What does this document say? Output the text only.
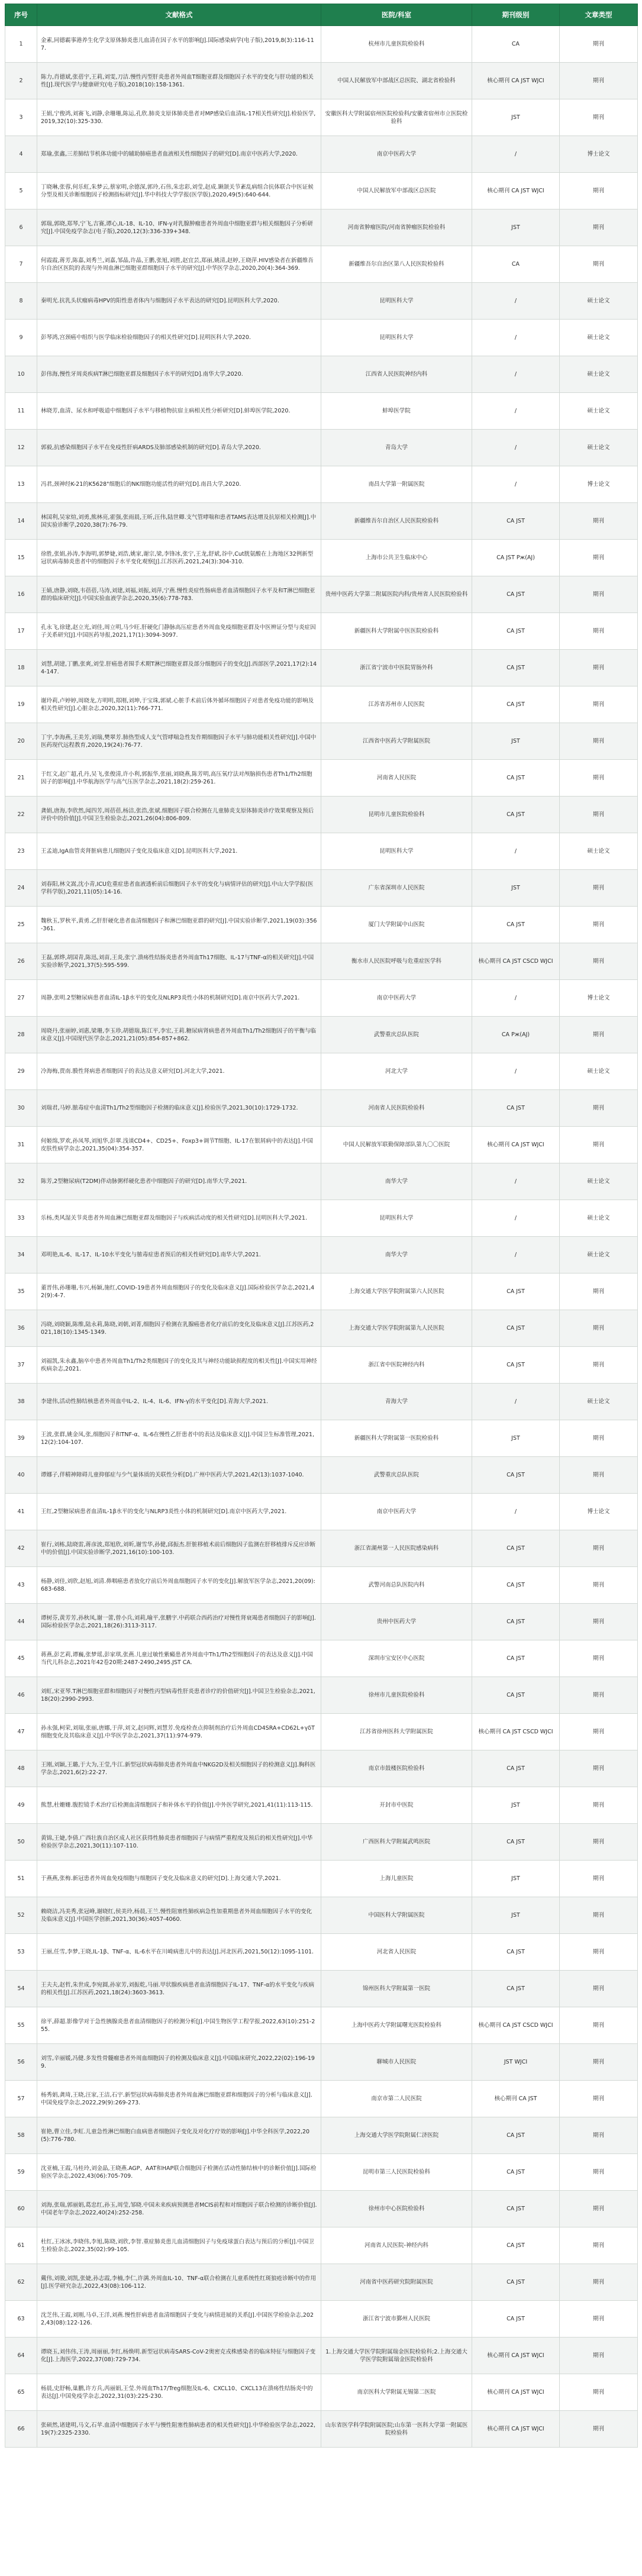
序号	文献格式	医院/科室	期刊级别	文章类型
1	金素,同德霸事港养生化学支原体肺炎患儿血清在因子水平的影响[J].国际感染病学(电子版),2019,8(3):116-117.	杭州市儿童医院检验科	CA	期刊
2	陈力,肖德斌,张蓓宇,王莉,刘雯,刀洁.慢性丙型肝炎患者外周血T细胞亚群及细胞因子水平的变化与肝功能的相关性[J].现代医学与健康研究(电子版),2018(10):158-1361.	中国人民解放军中部战区总医院、湖北省检验科	核心期刊 CA JST WJCI	期刊
3	王娟,宁俊鸿,刘赛飞,刘静,余珊珊,陈运,孔欣.肺炎支原体肺炎患者对MP感染后血清IL-17相关性研究[J].检验医学,2019,32(10):325-330.	安徽医科大学附属宿州医院检验科/安徽省宿州市立医院检验科	JST	期刊
4	郑瑜,张鑫,三差肺结节机体功能中的辅助肺癌患者血液相关性细胞因子的研究[D].南京中医药大学,2020.	南京中医药大学	/	博士论文
5	丁晓琳,张蓉,何乐虹,朱梦云,蔡家明,余德深,郭玲,石伟,朱忠彩,刘莹,赵成.颞颌关节紊乱病组合抗体联合中医证候分型及相关诊断细胞因子检测指标研究[J].华中科技大学学报(医学版),2020,49(5):640-644.	中国人民解放军中部战区总医院	核心期刊 CA JST WJCI	期刊
6	郭瑞,郭晓,郑琴,宁飞,吉赛,谭心,IL-18、IL-10、IFN-γ对乳腺肿瘤患者外周血中细胞亚群与相关细胞因子分析研究[J].中国免疫学杂志(电子版),2020,12(3):336-339+348.	河南省肿瘤医院/河南省肿瘤医院检验科	JST	期刊
7	何霞霞,蒋芳,陈嘉,刘秀兰,刘嘉,邹晶,许晶,王鹏,张旭,刘胜,赵宜芸,郑丽,姚清,赵婷,王晓萍.HIV感染者在新疆维吾尔自治区医院的表现与外周血淋巴细胞亚群细胞因子水平的研究[J].中华医学杂志,2020,20(4):364-369.	新疆维吾尔自治区第八人民医院检验科	CA	期刊
8	秦明光.抗乳头状瘤病毒HPV的阳性患者体内与细胞因子水平表达的研究[D].昆明医科大学,2020.	昆明医科大学	/	硕士论文
9	彭琴鸿,宫颈癌中组织与医学临床检验细胞因子的相关性研究[D].昆明医科大学,2020.	昆明医科大学	/	硕士论文
10	彭伟海,慢性牙周炎疾病T淋巴细胞亚群及细胞因子水平的研究[D].南华大学,2020.	江西省人民医院神经内科	/	硕士论文
11	林晓芳,血清、尿水和呼吸道中细胞因子水平与移植物抗宿主病相关性分析研究[D].蚌埠医学院,2020.	蚌埠医学院	/	硕士论文
12	郭毅,抗感染细胞因子水平在免疫性肝病ARDS及肺部感染机制的研究[D].青岛大学,2020.	青岛大学	/	硕士论文
13	冯君,颈神经K-21的K5628"细胞后的NK细胞功能活性的研究[D].南昌大学,2020.	南昌大学第一附属医院	/	博士论文
14	林国利,吴家煊,刘勇,熊林亮,霍强,张雨晨,王昕,汪伟,陆世卿.支气管哮喘和患者TAMS表达增及抗原相关检测[J].中国实验诊断学,2020,38(7):76-79.	新疆维吾尔自治区人民医院检验科	CA JST	期刊
15	徐胜,张娟,孙涛,李海明,郭梦婕,刘浩,姚家,谢宗,梁,李锋冰,张宁,王龙,舒斌,谷中,Cut胱氨酸在上海地区32例新型冠状病毒肺炎患者中的细胞因子水平变化观察[J].江苏医药,2021,24(3):304-310.	上海市公共卫生临床中心	CA JST Pж(AJ)	期刊
16	王婧,唐静,刘晓,韦蓓蓓,马涛,刘建,刘福,刘振,刘萍,宁燕.慢性炎症性肠病患者血清细胞因子水平及和T淋巴细胞亚群的临床研究[J].中国实验血液学杂志,2020,35(6):778-783.	贵州中医药大学第二附属医院内科/贵州省人民医院检验科	CA JST	期刊
17	孔永飞,徐建,赵立光,刘佳,周立明,马少旺.肝硬化门静脉高压症患者外周血免疫细胞亚群及中医辨证分型与炎症因子关系研究[J].中国医药导报,2021,17(1):3094-3097.	新疆医科大学附属中医医院检验科	CA JST	期刊
18	刘慧,胡建,丁鹏,张爽,刘莹.肝癌患者围手术期T淋巴细胞亚群及部分细胞因子的变化[J].西部医学,2021,17(2):144-147.	浙江省宁波市中医院胃肠外科	CA JST	期刊
19	谢玲莉,卢婷婷,周晓龙,方明明,郑刚,刘坤,于宝珠,郭斌.心脏手术前后体外循环细胞因子对患者免疫功能的影响及相关性研究[J].心脏杂志,2020,32(11):766-771.	江苏省苏州市人民医院	CA JST	期刊
20	丁宇,李海燕,王美芳,刘瑞,樊翠芳.肺热型成人支气管哮喘急性发作期细胞因子水平与肺功能相关性研究[J].中国中医药现代远程教育,2020,19(24):76-77.	江西省中医药大学附属医院	JST	期刊
21	于红文,赵广超,孔丹,吴飞,张俊清,许小利,郭振华,张丽,刘晓燕,陈芳明,高压氧疗法对颅脑损伤患者Th1/Th2细胞因子的影响[J].中华航海医学与高气压医学杂志,2021,18(2):259-261.	河南省人民医院	CA JST	期刊
22	龚娟,唐海,李欣然,闻四芳,周蓓蓓,杨洁,张浩,张斌.细胞因子联合检测在儿童肺炎支原体肺炎诊疗效果观察及预后评价中的价值[J].中国卫生检验杂志,2021,26(04):806-809.	昆明市儿童医院检验科	CA JST	期刊
23	王孟迪,IgA血管炎肾脏病患儿细胞因子变化及临床意义[D].昆明医科大学,2021.	昆明医科大学	/	硕士论文
24	刘春阳,林文嵩,沈小青,ICU危重症患者血液透析前后细胞因子水平的变化与病情评估的研究[J].中山大学学报(医学科学版),2021,11(05):14-16.	广东省深圳市人民医院	JST	期刊
25	魏秋玉,罗秋平,黄勇.乙肝肝硬化患者血清细胞因子和淋巴细胞亚群的研究[J].中国实验诊断学,2021,19(03):356-361.	厦门大学附属中山医院	CA JST	期刊
26	王磊,郭烨,胡国青,陈迅,刘苗,王炎,张宁.溃疡性结肠炎患者外周血Th17细胞、IL-17与TNF-α的相关研究[J].中国实验诊断学,2021,37(5):595-599.	衡水市人民医院呼吸与危重症医学科	核心期刊 CA JST CSCD WJCI	期刊
27	周静,张明.2型糖尿病患者血清IL-1β水平的变化及NLRP3炎性小体的机制研究[D].南京中医药大学,2021.	南京中医药大学	/	博士论文
28	周晓丹,张丽婷,刘惠,梁珊,李玉珍,胡德瑞,陈江平,李宏,王莉.糖尿病肾病患者外周血Th1/Th2细胞因子的平衡与临床意义[J].中国现代医学杂志,2021,21(05):854-857+862.	武警重庆总队医院	CA Pж(AJ)	期刊
29	冷海梅,贾南.膜性肾病患者细胞因子的表达及意义研究[D].河北大学,2021.	河北大学	/	硕士论文
30	刘瑞君,马婷.脓毒症中血清Th1/Th2型细胞因子检测的临床意义[J].检验医学,2021,30(10):1729-1732.	河南省人民医院检验科	CA JST	期刊
31	何姬绵,罗欢,孙凤琴,刘旭华,彭翠.浅谈CD4+、CD25+、Foxp3+调节T细胞、IL-17在银屑病中的表达[J].中国皮肤性病学杂志,2021,35(04):354-357.	中国人民解放军联勤保障部队第九〇〇医院	核心期刊 CA JST WJCI	期刊
32	陈芳,2型糖尿病(T2DM)伴动脉粥样硬化患者中细胞因子的研究[D].南华大学,2021.	南华大学	/	硕士论文
33	乐杨,类风湿关节炎患者外周血淋巴细胞亚群及细胞因子与疾病活动度的相关性研究[D].昆明医科大学,2021.	昆明医科大学	/	硕士论文
34	邓明艳,IL-6、IL-17、IL-10水平变化与脓毒症患者预后的相关性研究[D].南华大学,2021.	南华大学	/	硕士论文
35	董晋伟,孙珊珊,韦兴,杨颖,施红,COVID-19患者外周血细胞因子的变化及临床意义[J].国际检验医学杂志,2021,42(9):4-7.	上海交通大学医学院附属第六人民医院	CA JST	期刊
36	冯晓,刘晓颖,陈维,陆永莉,陈晓,刘朝,刘菁,细胞因子检测在乳腺癌患者化疗前后的变化及临床意义[J].江苏医药,2021,18(10):1345-1349.	上海交通大学医学院附属第九人民医院	CA JST	期刊
37	刘福凯,朱永鑫,脑卒中患者外周血Th1/Th2类细胞因子的变化及其与神经功能缺损程度的相关性[J].中国实用神经疾病杂志,2021.	浙江省中医院神经内科	CA JST	期刊
38	李建伟,活动性肺结核患者外周血中IL-2、IL-4、IL-6、IFN-γ的水平变化[D].青海大学,2021.	青海大学	/	硕士论文
39	王波,张群,姚金凤,张,细胞因子和TNF-α、IL-6在慢性乙肝患者中的表达及临床意义[J].中国卫生标准管理,2021,12(2):104-107.	新疆医科大学附属第一医院检验科	JST	期刊
40	谭娜子,伴精神障碍儿童抑郁症与少气量体质的关联性分析[D].广州中医药大学,2021,42(13):1037-1040.	武警重庆总队医院	CA JST	期刊
41	王红,2型糖尿病患者血清IL-1β水平的变化与NLRP3炎性小体的机制研究[D].南京中医药大学,2021.	南京中医药大学	/	博士论文
42	崔行,刘栋,陆晓雷,蒋彦波,郑旭欣,刘昕,谢雪华,孙健,邱振杰.肝脏移植术前后细胞因子监测在肝移植排斥反应诊断中的价值[J].中国实验诊断学,2021,16(10):100-103.	浙江省湖州第一人民医院感染病科	CA JST	期刊
43	杨静,刘佳,刘欣,赵旭,刘清.鼻咽癌患者放化疗前后外周血细胞因子水平的变化[J].解放军医学杂志,2021,20(09):683-688.	武警河南总队医院内科	CA JST	期刊
44	谭树芬,黄芳芳,孙秋凤,谢一蕾,曾小兵,刘莉,喻平,张鹏宇.中药联合西药治疗对慢性肾衰竭患者细胞因子的影响[J].国际检验医学杂志,2021,18(26):3113-3117.	贵州中医药大学	CA JST	期刊
45	蒋燕,彭艺莉,谭巍,张梦瑶,彭家琪,张燕.儿童过敏性紫癜患者外周血中Th1/Th2型细胞因子的表达及意义[J].中国当代儿科杂志,2021年42卷20期:2487-2490,2495.JST CA.	深圳市宝安区中心医院	CA JST	期刊
46	刘虹,宋亚琴.T淋巴细胞亚群和细胞因子对慢性丙型病毒性肝炎患者诊疗的价值研究[J].中国卫生检验杂志,2021,18(20):2990-2993.	徐州市儿童医院检验科	CA JST	期刊
47	孙永强,柯荣,刘瑞,张丽,唐娜,于萍,刘文,赵同辉,刘慧芳.免疫检查点抑制剂治疗后外周血CD4SRA+CD62L+γδT细胞变化及其临床意义[J].中华医学杂志,2021,37(11):974-979.	江苏省徐州医科大学附属医院	核心期刊 CA JST CSCD WJCI	期刊
48	王刚,刘颖,王璐,于大为,王莹,牛江.新型冠状病毒肺炎患者外周血中NKG2D及相关细胞因子的检测意义[J].胸科医学杂志,2021,6(2):22-27.	南京市鼓楼医院检验科	CA JST	期刊
49	熊慧,杜姗姗.腹腔镜手术治疗后检测血清细胞因子和补体水平的价值[J].中外医学研究,2021,41(11):113-115.	开封市中医院	JST	期刊
50	黄锦,王婕,李倩.广西壮族自治区成人社区获得性肺炎患者细胞因子与病情严重程度及预后的相关性研究[J].中华检验医学杂志,2021,30(11):107-110.	广西医科大学附属武鸣医院	CA JST	期刊
51	于燕燕,张梅.新冠患者外周血免疫细胞与细胞因子变化及临床意义的研究[D].上海交通大学,2021.	上海儿童医院	JST	期刊
52	赖晓洁,冯美秀,张冠峰,谢晓红,侯美玲,杨晨,王兰.慢性阻塞性肺疾病急性加重期患者外周血细胞因子水平的变化及临床意义[J].中国医学创新,2021,30(36):4057-4060.	中国医科大学附属医院	JST	期刊
53	王丽,任雪,李梦,王晓,IL-1β、TNF-α、IL-6水平在川崎病患儿中的表达[J].河北医药,2021,50(12):1095-1101.	河北省人民医院	CA JST	期刊
54	王夫夫,赵哲,朱世成,李宛圆,孙家芳,刘振乾,马丽.甲状腺疾病患者血清细胞因子IL-17、TNF-α的水平变化与疾病的相关性[J].江苏医药,2021,18(24):3603-3613.	锦州医科大学附属第一医院	CA JST	期刊
55	徐平,薛超.影像学对于急性胰腺炎患者血清细胞因子的检测分析[J].中国生物医学工程学报,2022,63(10):251-255.	上海中医药大学附属曙光医院检验科	核心期刊 CA JST CSCD WJCI	期刊
56	刘雪,辛丽媛,冯健.多发性骨髓瘤患者外周血细胞因子的检测及临床意义[J].中国临床研究,2022,22(02):196-199.	聊城市人民医院	JST WJCI	期刊
57	杨秀娟,龚琦,王晓,汪家,王洁,石宇.新型冠状病毒肺炎患者外周血淋巴细胞亚群和细胞因子的分析与临床意义[J].中国免疫学杂志,2022,29(9):269-273.	南京市第二人民医院	核心期刊 CA JST	期刊
58	崔艳,曹立佳,李虹.儿童急性淋巴细胞白血病患者细胞因子变化及对化疗疗效的影响[J].中华全科医学,2022,20(5):776-780.	上海交通大学医学院附属仁济医院	CA JST	期刊
59	沈亚楠,王霞,马桂玲,刘金晶,王晓燕.AGP、AAT和HAP联合细胞因子检测在活动性肺结核中的诊断价值[J].国际检验医学杂志,2022,43(06):705-709.	昆明市第三人民医院检验科	CA JST	期刊
60	刘海,张瑞,郭丽娟,葛忠红,孙玉,周莹,邹晓.中国未来疾病预测患者MCIS前程和对细胞因子联合检测的诊断价值[J].中国老年学杂志,2022,40(24):252-258.	徐州市中心医院检验科	CA JST	期刊
61	杜红,王冰冰,李晓伟,李旭,陈晓,刘欣,李智.重症肺炎患儿血清细胞因子与免疫球蛋白表达与预后的分析[J].中国卫生检验杂志,2022,35(02):99-105.	河南省人民医院-神经内科	CA JST	期刊
62	戴伟,刘骏,刘凯,张婕,孙志霞,李楠,李仁,许满.外周血IL-10、TNF-α联合检测在儿童系统性红斑狼疮诊断中的作用[J].医学研究杂志,2022,43(08):106-112.	河南省中医药研究院附属医院	CA JST	期刊
63	沈芝伟,王霞,刘刚,马卓,王洋,刘燕.慢性肝病患者血清细胞因子变化与病情进展的关系[J].中国医学检验杂志,2022,43(08):122-126.	浙江省宁波市鄞州人民医院	CA JST	期刊
64	谭晓玉,刘伟伟,王涛,周丽丽,李红,杨焕明.新型冠状病毒SARS-CoV-2奥密克戎株感染者的临床特征与细胞因子变化[J].上海医学,2022,37(08):729-734.	1.上海交通大学医学院附属瑞金医院检验科;2.上海交通大学医学院附属瑞金医院检验科	核心期刊 CA JST WJCI	期刊
65	杨晨,史舒畅,巢鹏,许方兵,芮丽娟,王莹.外周血Th17/Treg细胞及IL-6、CXCL10、CXCL13在溃疡性结肠炎中的表达[J].中国免疫学杂志,2022,31(03):225-230.	南京医科大学附属无锡第二医院	核心期刊 CA JST WJCI	期刊
66	张硕然,诸建明,马文,石苹.血清中细胞因子水平与慢性阻塞性肺病患者的相关性研究[J].中华检验医学杂志,2022,19(7):2325-2330.	山东省医学科学院附属医院;山东第一医科大学第一附属医院检验科	核心期刊 CA JST WJCI	期刊
